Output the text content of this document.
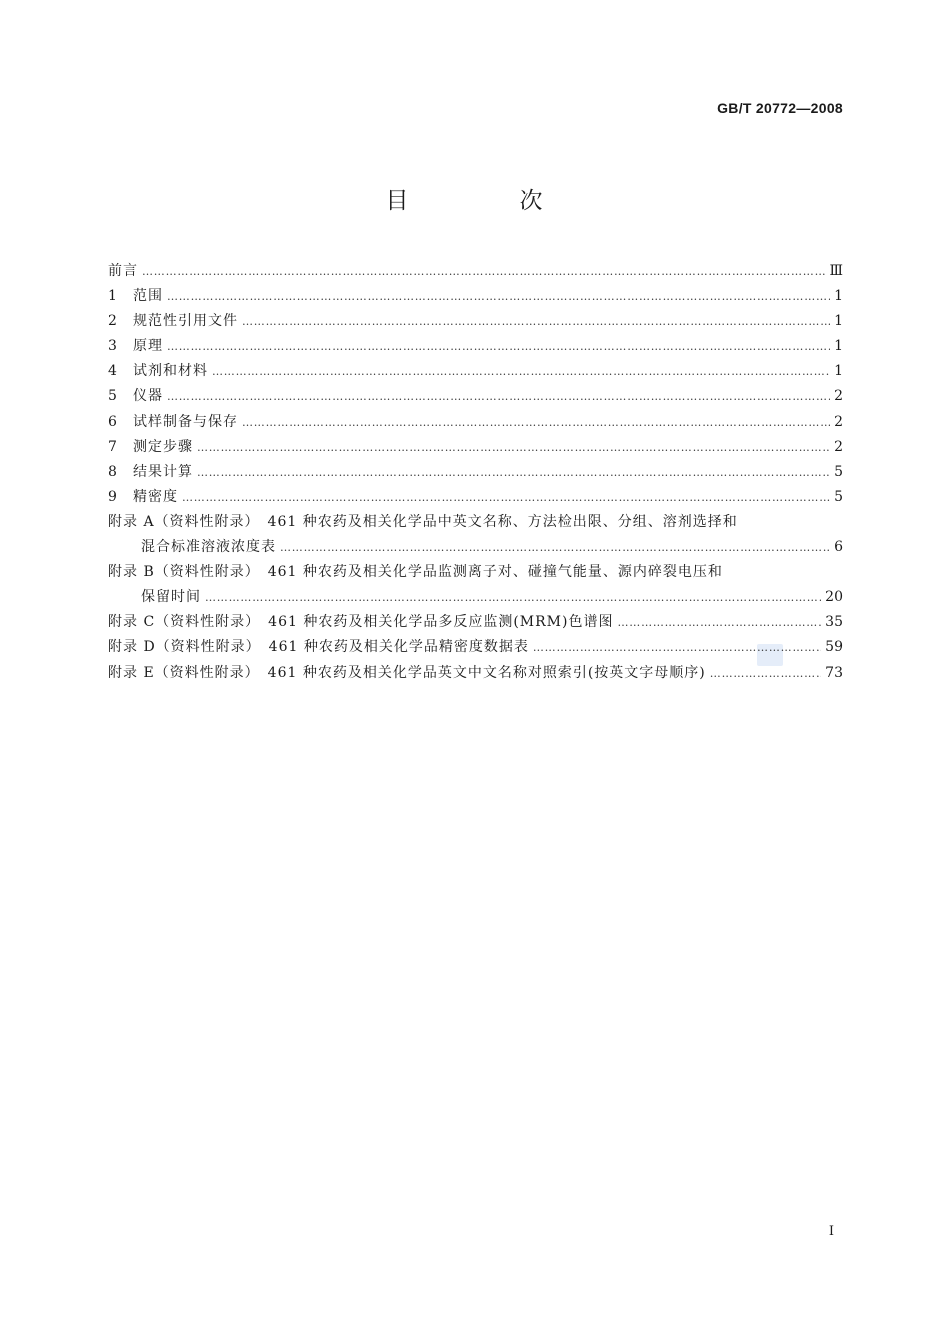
GB/T 20772—2008
目　次
前言 ……………………………………………………………………………………………………………………………………………………………………………………………………………	Ⅲ
1	范围 ……………………………………………………………………………………………………………………………………………………………………………………………………………	1
2	规范性引用文件 ……………………………………………………………………………………………………………………………………………………………………………………………………………	1
3	原理 ……………………………………………………………………………………………………………………………………………………………………………………………………………	1
4	试剂和材料 ……………………………………………………………………………………………………………………………………………………………………………………………………………	1
5	仪器 ……………………………………………………………………………………………………………………………………………………………………………………………………………	2
6	试样制备与保存 ……………………………………………………………………………………………………………………………………………………………………………………………………………	2
7	测定步骤 ……………………………………………………………………………………………………………………………………………………………………………………………………………	2
8	结果计算 ……………………………………………………………………………………………………………………………………………………………………………………………………………	5
9	精密度 ……………………………………………………………………………………………………………………………………………………………………………………………………………	5
附录 A（资料性附录）　461 种农药及相关化学品中英文名称、方法检出限、分组、溶剂选择和
混合标准溶液浓度表 ……………………………………………………………………………………………………………………………………………………………………………………………………………	6
附录 B（资料性附录）　461 种农药及相关化学品监测离子对、碰撞气能量、源内碎裂电压和
保留时间 ……………………………………………………………………………………………………………………………………………………………………………………………………………	20
附录 C（资料性附录）　461 种农药及相关化学品多反应监测(MRM)色谱图 ……………………………………………………………………………………………………………………………………………………………………………………………………………	35
附录 D（资料性附录）　461 种农药及相关化学品精密度数据表 ……………………………………………………………………………………………………………………………………………………………………………………………………………	59
附录 E（资料性附录）　461 种农药及相关化学品英文中文名称对照索引(按英文字母顺序) ……………………………………………………………………………………………………………………………………………………………………………………………………………	73
I
